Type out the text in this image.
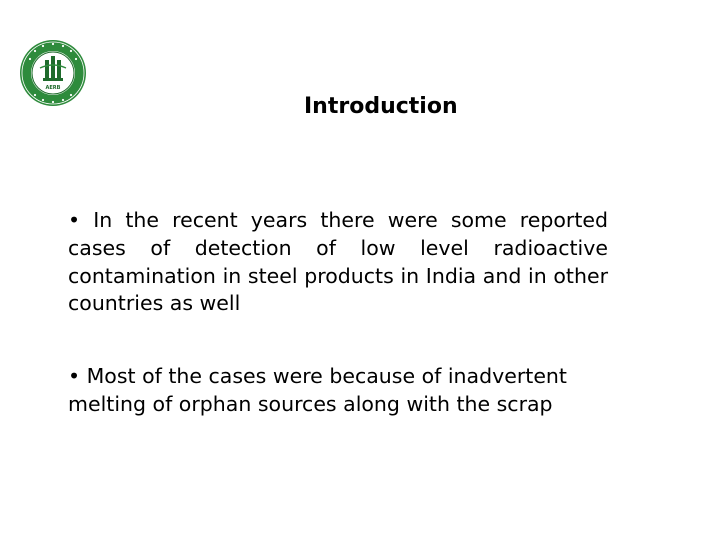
AERB
Introduction
• In the recent years there were some reported cases of detection of low level radioactive contamination in steel products in India and in other countries as well
• Most of the cases were because of inadvertent melting of orphan sources along with the scrap
